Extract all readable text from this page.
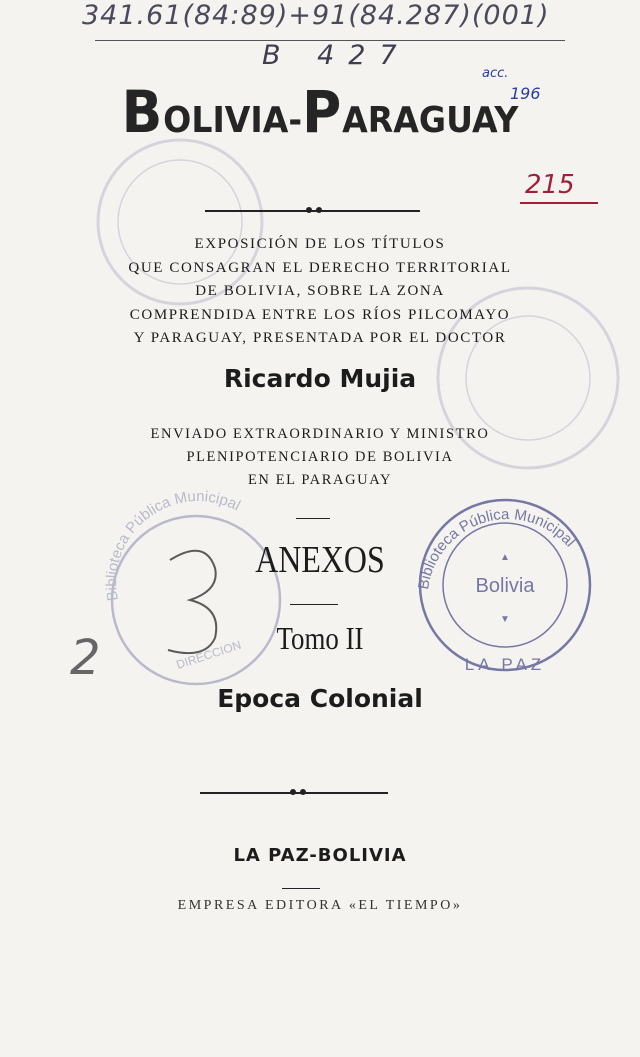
Biblioteca Pública Municipal
DIRECCION
Biblioteca Pública Municipal
Bolivia
LA PAZ
▲
▼
341.61(84:89)+91(84.287)(001)
B 427
acc.
196
215
2
BOLIVIA-PARAGUAY
EXPOSICIÓN DE LOS TÍTULOS
QUE CONSAGRAN EL DERECHO TERRITORIAL
DE BOLIVIA, SOBRE LA ZONA
COMPRENDIDA ENTRE LOS RÍOS PILCOMAYO
Y PARAGUAY, PRESENTADA POR EL DOCTOR
Ricardo Mujia
ENVIADO EXTRAORDINARIO Y MINISTRO
PLENIPOTENCIARIO DE BOLIVIA
EN EL PARAGUAY
ANEXOS
Tomo II
Epoca Colonial
LA PAZ-BOLIVIA
EMPRESA EDITORA «EL TIEMPO»
